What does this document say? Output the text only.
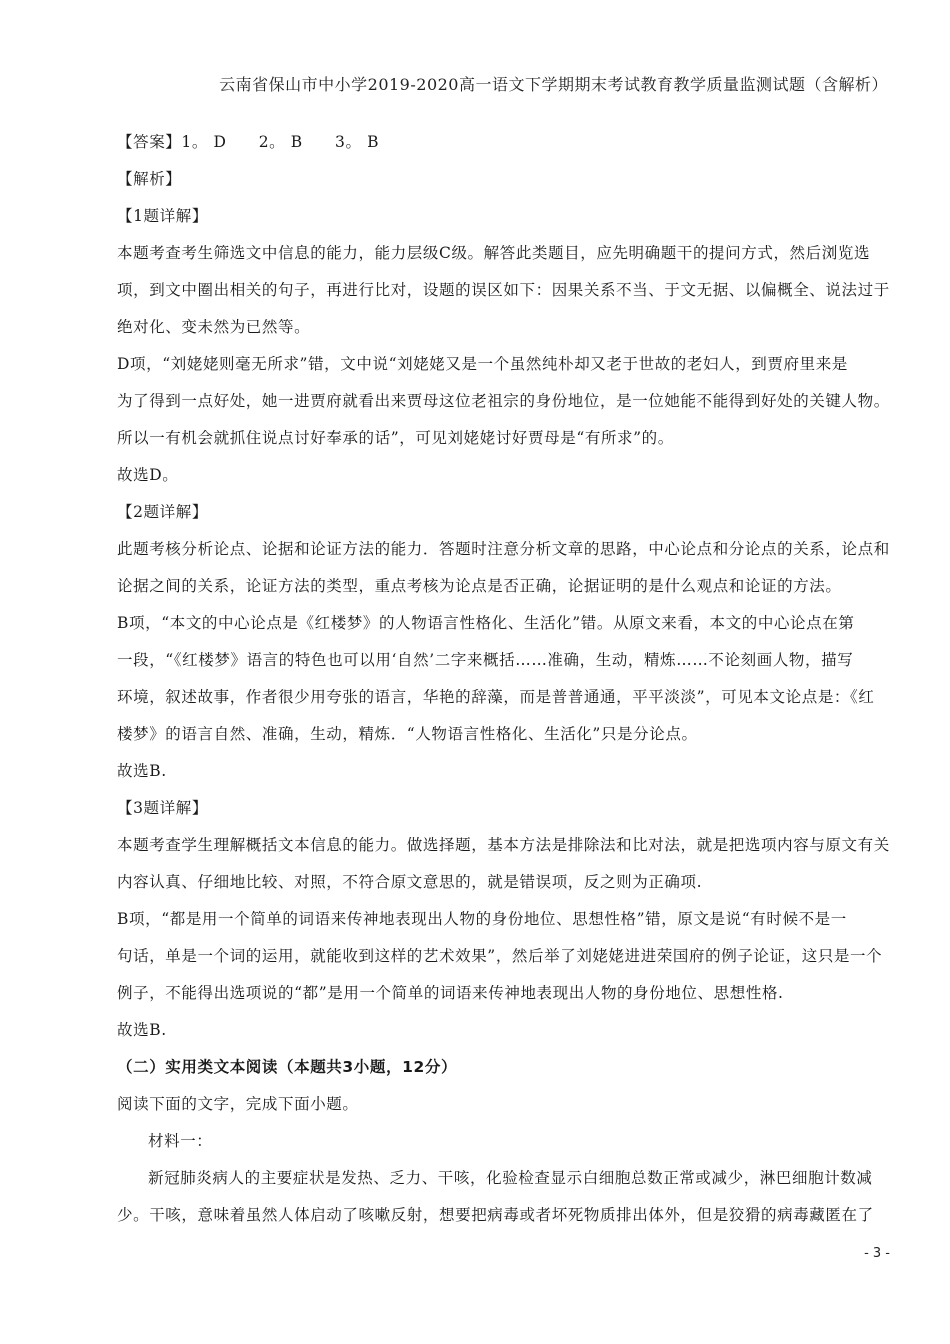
云南省保山市中小学2019-2020高一语文下学期期末考试教育教学质量监测试题（含解析）
【答案】1。 D　　2。 B　　3。 B
【解析】
【1题详解】
本题考查考生筛选文中信息的能力，能力层级C级。解答此类题目，应先明确题干的提问方式，然后浏览选
项，到文中圈出相关的句子，再进行比对，设题的误区如下：因果关系不当、于文无据、以偏概全、说法过于
绝对化、变未然为已然等。
D项，“刘姥姥则毫无所求”错，文中说“刘姥姥又是一个虽然纯朴却又老于世故的老妇人，到贾府里来是
为了得到一点好处，她一进贾府就看出来贾母这位老祖宗的身份地位，是一位她能不能得到好处的关键人物。
所以一有机会就抓住说点讨好奉承的话”，可见刘姥姥讨好贾母是“有所求”的。
故选D。
【2题详解】
此题考核分析论点、论据和论证方法的能力．答题时注意分析文章的思路，中心论点和分论点的关系，论点和
论据之间的关系，论证方法的类型，重点考核为论点是否正确，论据证明的是什么观点和论证的方法。
B项，“本文的中心论点是《红楼梦》的人物语言性格化、生活化”错。从原文来看，本文的中心论点在第
一段，“《红楼梦》语言的特色也可以用‘自然’二字来概括……准确，生动，精炼……不论刻画人物，描写
环境，叙述故事，作者很少用夸张的语言，华艳的辞藻，而是普普通通，平平淡淡”，可见本文论点是：《红
楼梦》的语言自然、准确，生动，精炼．“人物语言性格化、生活化”只是分论点。
故选B.
【3题详解】
本题考查学生理解概括文本信息的能力。做选择题，基本方法是排除法和比对法，就是把选项内容与原文有关
内容认真、仔细地比较、对照，不符合原文意思的，就是错误项，反之则为正确项.
B项，“都是用一个简单的词语来传神地表现出人物的身份地位、思想性格”错，原文是说“有时候不是一
句话，单是一个词的运用，就能收到这样的艺术效果”，然后举了刘姥姥进进荣国府的例子论证，这只是一个
例子，不能得出选项说的“都”是用一个简单的词语来传神地表现出人物的身份地位、思想性格.
故选B.
（二）实用类文本阅读（本题共3小题，12分）
阅读下面的文字，完成下面小题。
材料一：
新冠肺炎病人的主要症状是发热、乏力、干咳，化验检查显示白细胞总数正常或减少，淋巴细胞计数减
少。干咳，意味着虽然人体启动了咳嗽反射，想要把病毒或者坏死物质排出体外，但是狡猾的病毒藏匿在了
- 3 -
